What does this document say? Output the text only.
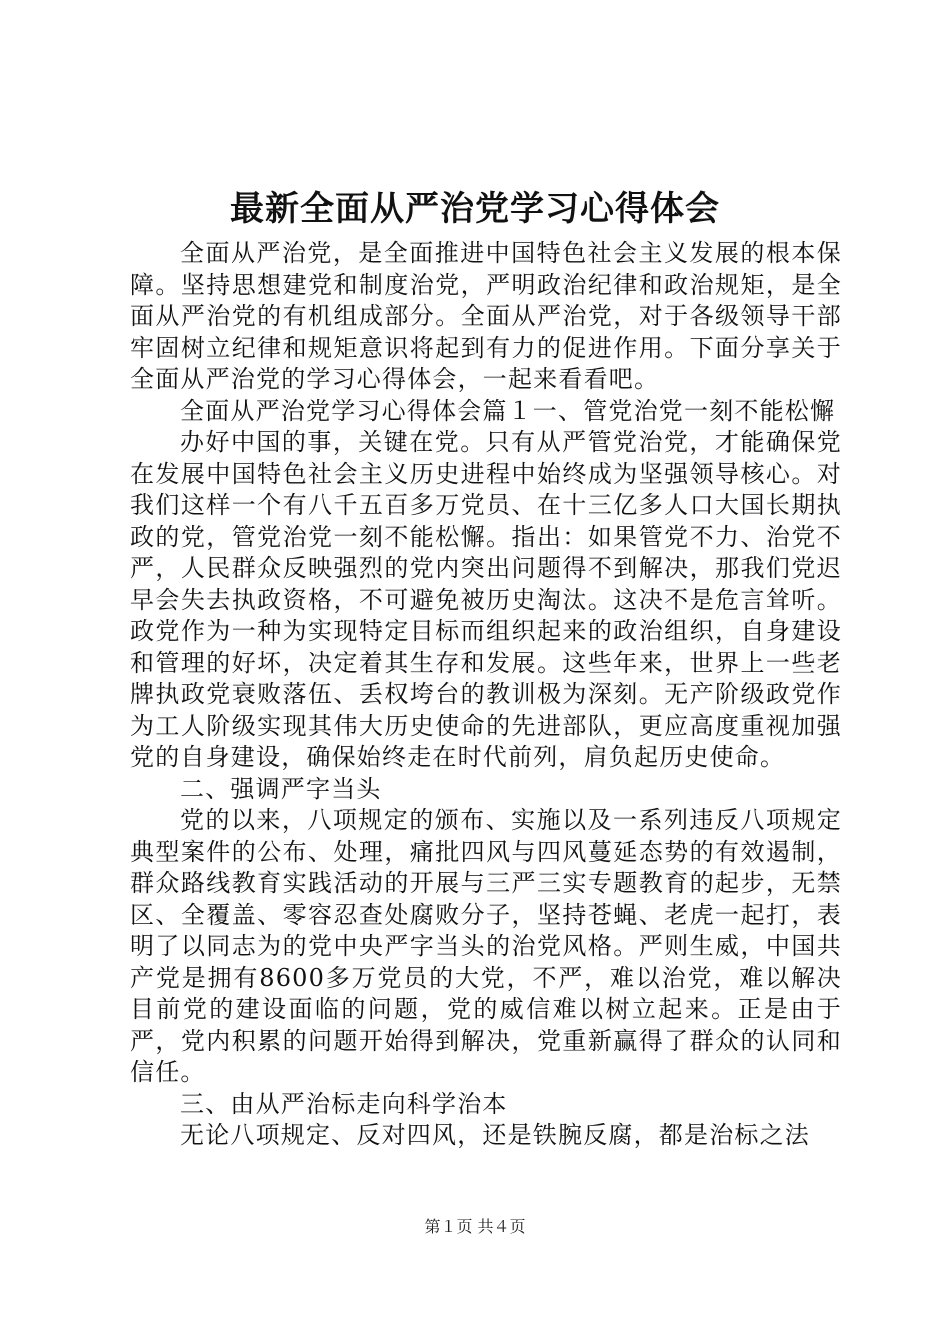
最新全面从严治党学习心得体会

全面从严治党，是全面推进中国特色社会主义发展的根本保障。坚持思想建党和制度治党，严明政治纪律和政治规矩，是全面从严治党的有机组成部分。全面从严治党，对于各级领导干部牢固树立纪律和规矩意识将起到有力的促进作用。下面分享关于全面从严治党的学习心得体会，一起来看看吧。

全面从严治党学习心得体会篇１一、管党治党一刻不能松懈

办好中国的事，关键在党。只有从严管党治党，才能确保党在发展中国特色社会主义历史进程中始终成为坚强领导核心。对我们这样一个有八千五百多万党员、在十三亿多人口大国长期执政的党，管党治党一刻不能松懈。指出：如果管党不力、治党不严，人民群众反映强烈的党内突出问题得不到解决，那我们党迟早会失去执政资格，不可避免被历史淘汰。这决不是危言耸听。政党作为一种为实现特定目标而组织起来的政治组织，自身建设和管理的好坏，决定着其生存和发展。这些年来，世界上一些老牌执政党衰败落伍、丢权垮台的教训极为深刻。无产阶级政党作为工人阶级实现其伟大历史使命的先进部队，更应高度重视加强党的自身建设，确保始终走在时代前列，肩负起历史使命。

二、强调严字当头

党的以来，八项规定的颁布、实施以及一系列违反八项规定典型案件的公布、处理，痛批四风与四风蔓延态势的有效遏制，群众路线教育实践活动的开展与三严三实专题教育的起步，无禁区、全覆盖、零容忍查处腐败分子，坚持苍蝇、老虎一起打，表明了以同志为的党中央严字当头的治党风格。严则生威，中国共产党是拥有8600多万党员的大党，不严，难以治党，难以解决目前党的建设面临的问题，党的威信难以树立起来。正是由于严，党内积累的问题开始得到解决，党重新赢得了群众的认同和信任。

三、由从严治标走向科学治本

无论八项规定、反对四风，还是铁腕反腐，都是治标之法

第１页 共４页
